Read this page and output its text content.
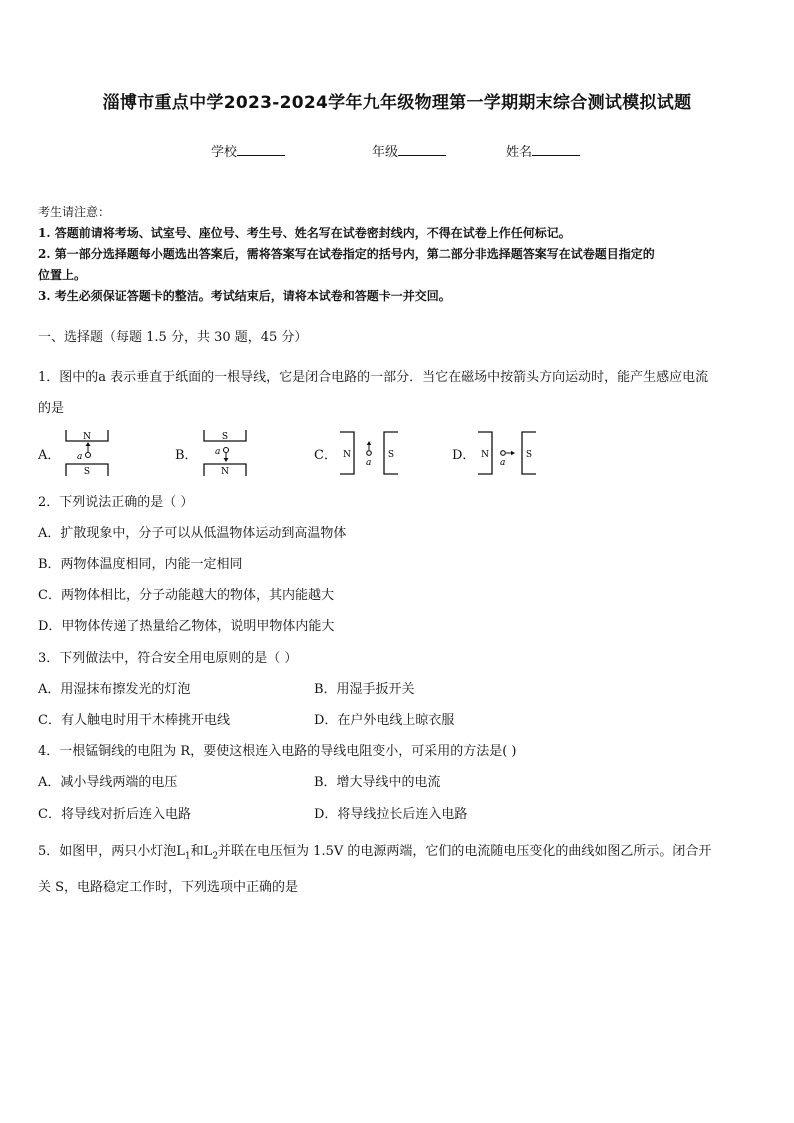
淄博市重点中学2023-2024学年九年级物理第一学期期末综合测试模拟试题
学校	年级	姓名
考生请注意：
1. 答题前请将考场、试室号、座位号、考生号、姓名写在试卷密封线内，不得在试卷上作任何标记。
2. 第一部分选择题每小题选出答案后，需将答案写在试卷指定的括号内，第二部分非选择题答案写在试卷题目指定的
位置上。
3. 考生必须保证答题卡的整洁。考试结束后，请将本试卷和答题卡一并交回。
一、选择题（每题 1.5 分，共 30 题，45 分）
1．图中的a 表示垂直于纸面的一根导线，它是闭合电路的一部分．当它在磁场中按箭头方向运动时，能产生感应电流
的是
A．
N
S
a	B．
S
N
a	C． N	S
a	D． N	S
a
2．下列说法正确的是（ ）
A．扩散现象中，分子可以从低温物体运动到高温物体
B．两物体温度相同，内能一定相同
C．两物体相比，分子动能越大的物体，其内能越大
D．甲物体传递了热量给乙物体，说明甲物体内能大
3．下列做法中，符合安全用电原则的是（ ）
A．用湿抹布擦发光的灯泡	B．用湿手扳开关
C．有人触电时用干木棒挑开电线	D．在户外电线上晾衣服
4．一根锰铜线的电阻为 R，要使这根连入电路的导线电阻变小，可采用的方法是( )
A．减小导线两端的电压	B．增大导线中的电流
C．将导线对折后连入电路	D．将导线拉长后连入电路
5．如图甲，两只小灯泡$L_1$和$L_2$并联在电压恒为 1.5V 的电源两端，它们的电流随电压变化的曲线如图乙所示。闭合开
关 S，电路稳定工作时，下列选项中正确的是
